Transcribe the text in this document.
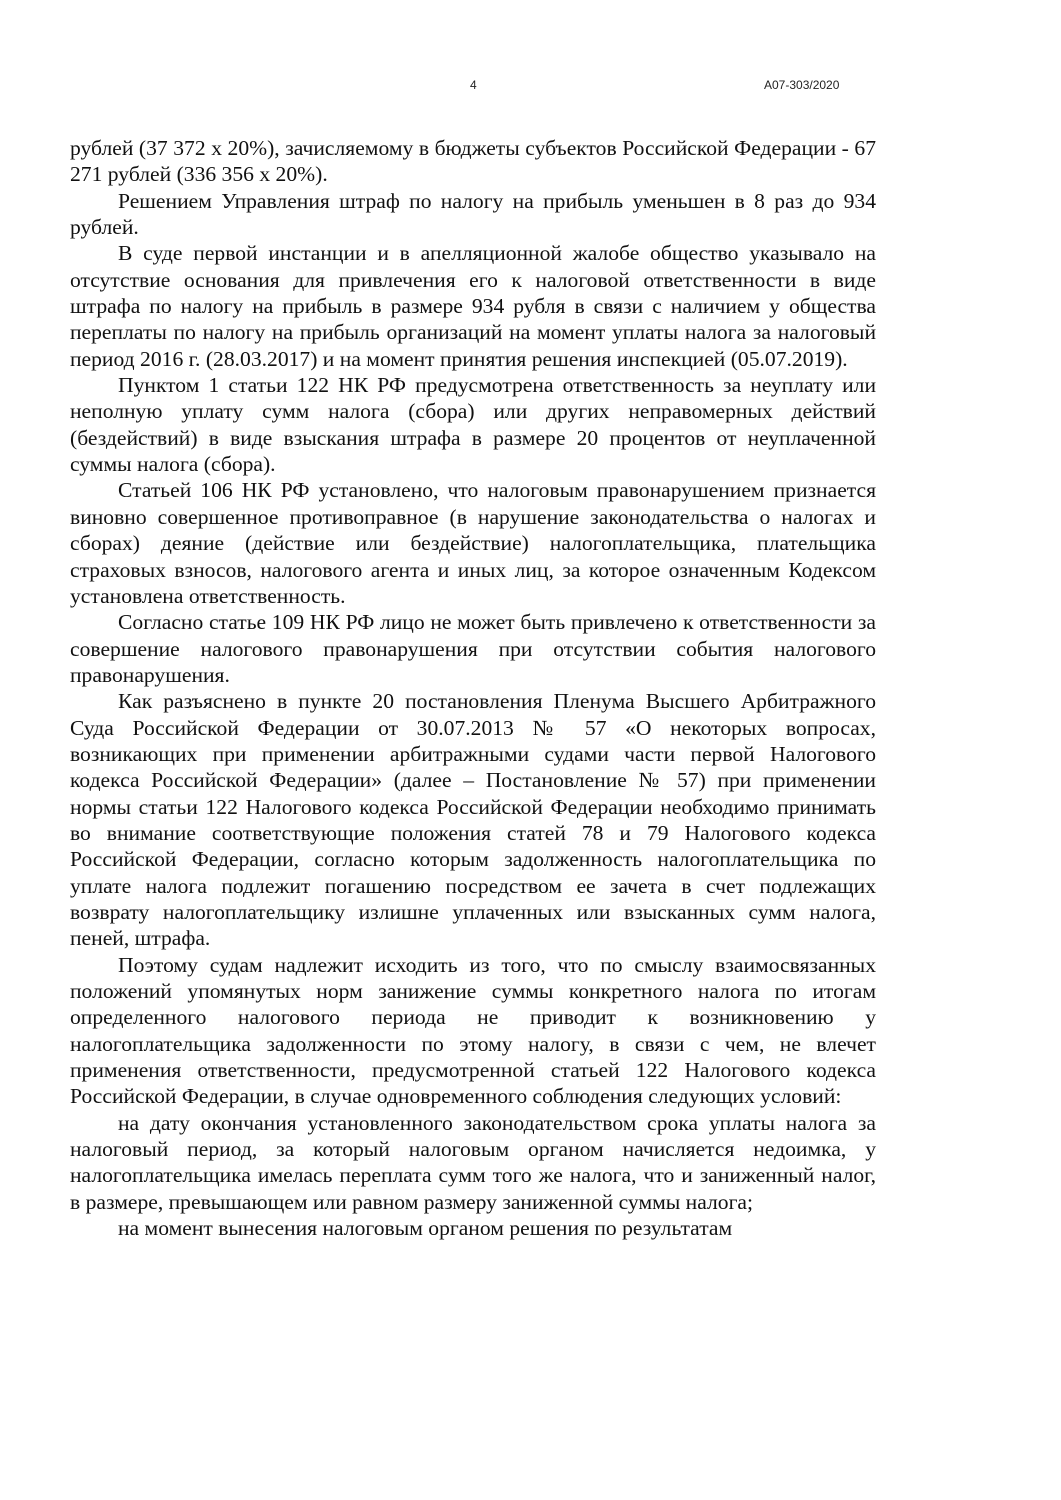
4	А07-303/2020

рублей (37 372 х 20%), зачисляемому в бюджеты субъектов Российской Федерации - 67 271 рублей (336 356 х 20%).

Решением Управления штраф по налогу на прибыль уменьшен в 8 раз до 934 рублей.

В суде первой инстанции и в апелляционной жалобе общество указывало на отсутствие основания для привлечения его к налоговой ответственности в виде штрафа по налогу на прибыль в размере 934 рубля в связи с наличием у общества переплаты по налогу на прибыль организаций на момент уплаты налога за налоговый период 2016 г. (28.03.2017) и на момент принятия решения инспекцией (05.07.2019).

Пунктом 1 статьи 122 НК РФ предусмотрена ответственность за неуплату или неполную уплату сумм налога (сбора) или других неправомерных действий (бездействий) в виде взыскания штрафа в размере 20 процентов от неуплаченной суммы налога (сбора).

Статьей 106 НК РФ установлено, что налоговым правонарушением признается виновно совершенное противоправное (в нарушение законодательства о налогах и сборах) деяние (действие или бездействие) налогоплательщика, плательщика страховых взносов, налогового агента и иных лиц, за которое означенным Кодексом установлена ответственность.

Согласно статье 109 НК РФ лицо не может быть привлечено к ответственности за совершение налогового правонарушения при отсутствии события налогового правонарушения.

Как разъяснено в пункте 20 постановления Пленума Высшего Арбитражного Суда Российской Федерации от 30.07.2013 № 57 «О некоторых вопросах, возникающих при применении арбитражными судами части первой Налогового кодекса Российской Федерации» (далее – Постановление № 57) при применении нормы статьи 122 Налогового кодекса Российской Федерации необходимо принимать во внимание соответствующие положения статей 78 и 79 Налогового кодекса Российской Федерации, согласно которым задолженность налогоплательщика по уплате налога подлежит погашению посредством ее зачета в счет подлежащих возврату налогоплательщику излишне уплаченных или взысканных сумм налога, пеней, штрафа.

Поэтому судам надлежит исходить из того, что по смыслу взаимосвязанных положений упомянутых норм занижение суммы конкретного налога по итогам определенного налогового периода не приводит к возникновению у налогоплательщика задолженности по этому налогу, в связи с чем, не влечет применения ответственности, предусмотренной статьей 122 Налогового кодекса Российской Федерации, в случае одновременного соблюдения следующих условий:

на дату окончания установленного законодательством срока уплаты налога за налоговый период, за который налоговым органом начисляется недоимка, у налогоплательщика имелась переплата сумм того же налога, что и заниженный налог, в размере, превышающем или равном размеру заниженной суммы налога;

на момент вынесения налоговым органом решения по результатам
